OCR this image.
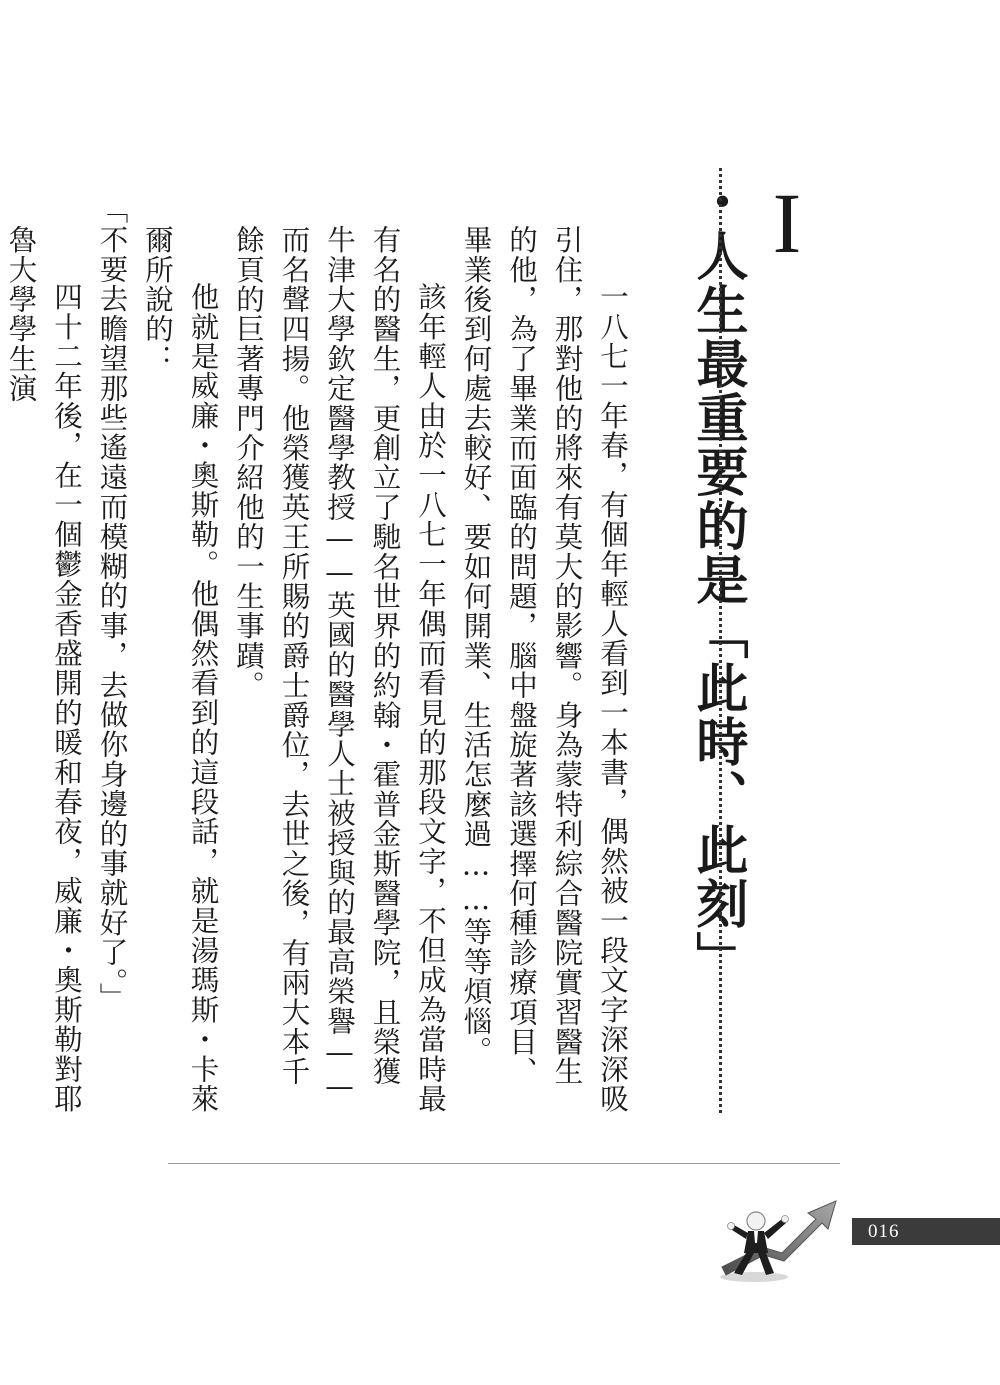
I
・人生最重要的是「此時、此刻」

一八七一年春，有個年輕人看到一本書，偶然被一段文字深深吸引住，那對他的將來有莫大的影響。身為蒙特利綜合醫院實習醫生的他，為了畢業而面臨的問題，腦中盤旋著該選擇何種診療項目、畢業後到何處去較好、要如何開業、生活怎麼過……等等煩惱。

該年輕人由於一八七一年偶而看見的那段文字，不但成為當時最有名的醫生，更創立了馳名世界的約翰・霍普金斯醫學院，且榮獲牛津大學欽定醫學教授——英國的醫學人士被授與的最高榮譽——而名聲四揚。他榮獲英王所賜的爵士爵位，去世之後，有兩大本千餘頁的巨著專門介紹他的一生事蹟。

他就是威廉・奧斯勒。他偶然看到的這段話，就是湯瑪斯・卡萊爾所說的：

「不要去瞻望那些遙遠而模糊的事，去做你身邊的事就好了。」

四十二年後，在一個鬱金香盛開的暖和春夜，威廉・奧斯勒對耶魯大學學生演

016
